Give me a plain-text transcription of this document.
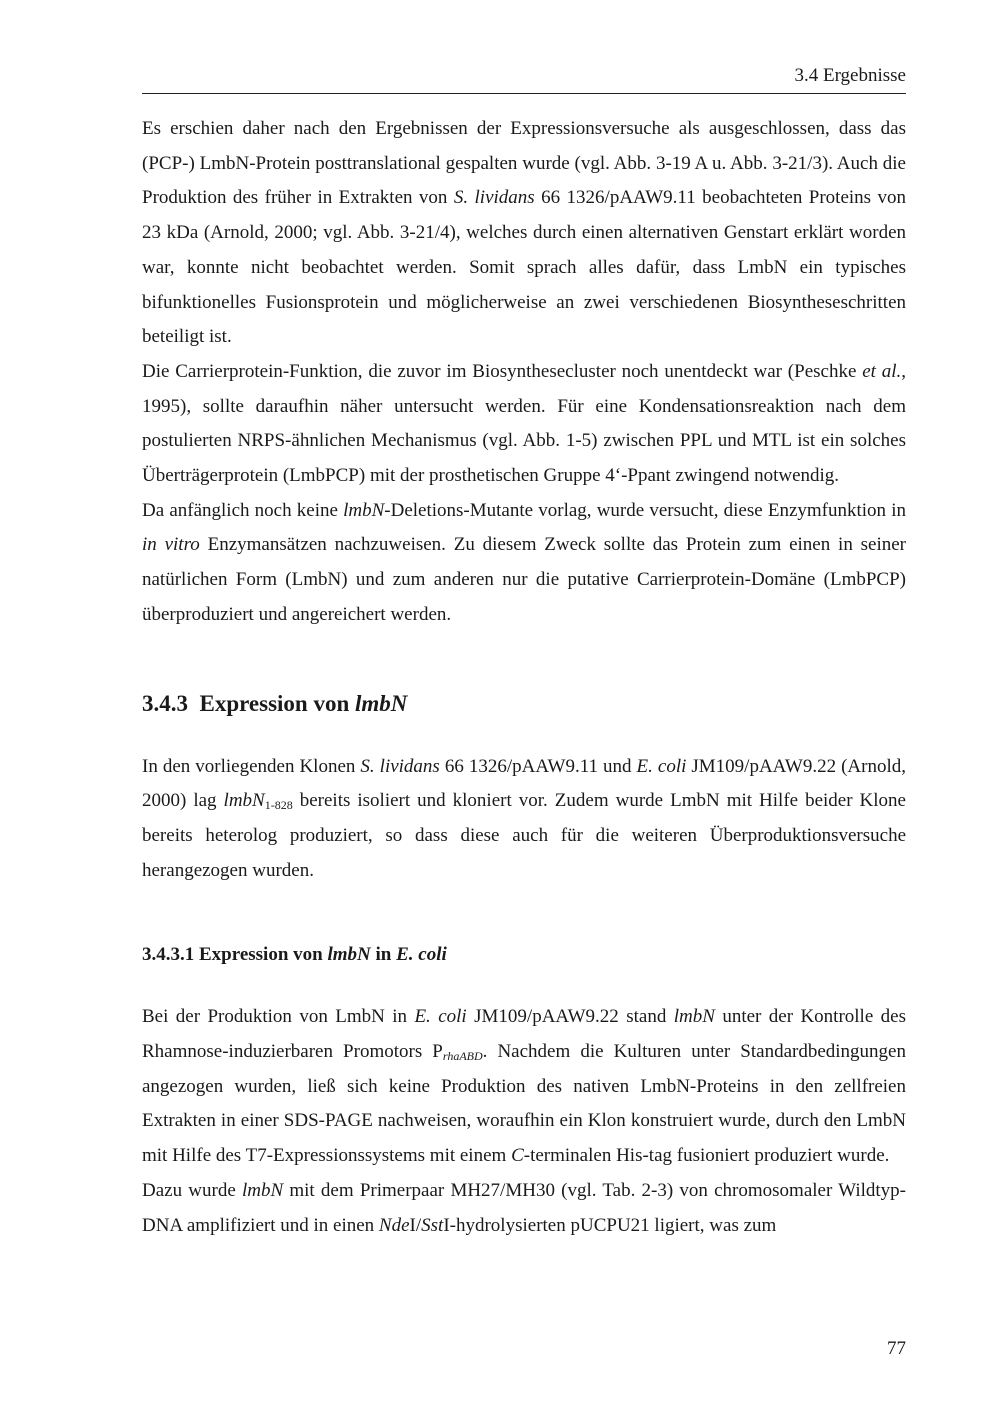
3.4 Ergebnisse

Es erschien daher nach den Ergebnissen der Expressionsversuche als ausgeschlossen, dass das (PCP-) LmbN-Protein posttranslational gespalten wurde (vgl. Abb. 3-19 A u. Abb. 3-21/3). Auch die Produktion des früher in Extrakten von S. lividans 66 1326/pAAW9.11 beobachteten Proteins von 23 kDa (Arnold, 2000; vgl. Abb. 3-21/4), welches durch einen alternativen Genstart erklärt worden war, konnte nicht beobachtet werden. Somit sprach alles dafür, dass LmbN ein typisches bifunktionelles Fusionsprotein und möglicherweise an zwei verschiedenen Biosyntheseschritten beteiligt ist.

Die Carrierprotein-Funktion, die zuvor im Biosynthesecluster noch unentdeckt war (Peschke et al., 1995), sollte daraufhin näher untersucht werden. Für eine Kondensationsreaktion nach dem postulierten NRPS-ähnlichen Mechanismus (vgl. Abb. 1-5) zwischen PPL und MTL ist ein solches Überträgerprotein (LmbPCP) mit der prosthetischen Gruppe 4‘-Ppant zwingend notwendig.

Da anfänglich noch keine lmbN-Deletions-Mutante vorlag, wurde versucht, diese Enzymfunktion in in vitro Enzymansätzen nachzuweisen. Zu diesem Zweck sollte das Protein zum einen in seiner natürlichen Form (LmbN) und zum anderen nur die putative Carrierprotein-Domäne (LmbPCP) überproduziert und angereichert werden.

3.4.3 Expression von lmbN

In den vorliegenden Klonen S. lividans 66 1326/pAAW9.11 und E. coli JM109/pAAW9.22 (Arnold, 2000) lag lmbN$_{1-828}$ bereits isoliert und kloniert vor. Zudem wurde LmbN mit Hilfe beider Klone bereits heterolog produziert, so dass diese auch für die weiteren Überproduktionsversuche herangezogen wurden.

3.4.3.1 Expression von lmbN in E. coli

Bei der Produktion von LmbN in E. coli JM109/pAAW9.22 stand lmbN unter der Kontrolle des Rhamnose-induzierbaren Promotors $P_{rhaABD}$. Nachdem die Kulturen unter Standardbedingungen angezogen wurden, ließ sich keine Produktion des nativen LmbN-Proteins in den zellfreien Extrakten in einer SDS-PAGE nachweisen, woraufhin ein Klon konstruiert wurde, durch den LmbN mit Hilfe des T7-Expressionssystems mit einem C-terminalen His-tag fusioniert produziert wurde.

Dazu wurde lmbN mit dem Primerpaar MH27/MH30 (vgl. Tab. 2-3) von chromosomaler Wildtyp-DNA amplifiziert und in einen NdeI/SstI-hydrolysierten pUCPU21 ligiert, was zum

77
